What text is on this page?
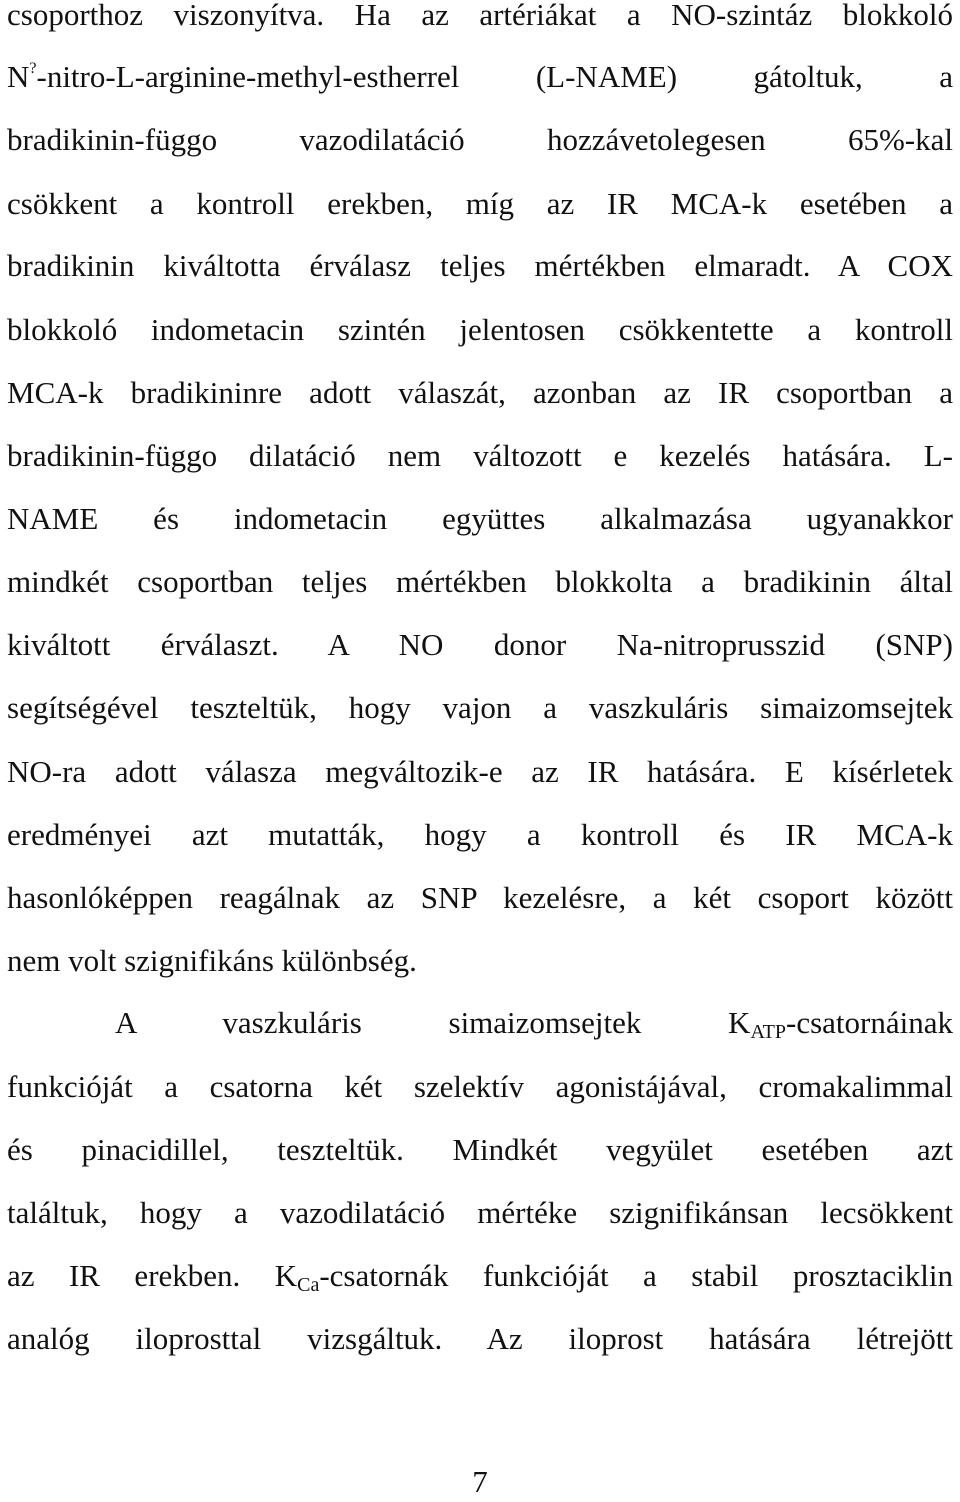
csoporthoz viszonyítva. Ha az artériákat a NO-szintáz blokkoló
N?-nitro-L-arginine-methyl-estherrel (L-NAME) gátoltuk, a
bradikinin-függo vazodilatáció hozzávetolegesen 65%-kal
csökkent a kontroll erekben, míg az IR MCA-k esetében a
bradikinin kiváltotta érválasz teljes mértékben elmaradt. A COX
blokkoló indometacin szintén jelentosen csökkentette a kontroll
MCA-k bradikininre adott válaszát, azonban az IR csoportban a
bradikinin-függo dilatáció nem változott e kezelés hatására. L-
NAME és indometacin együttes alkalmazása ugyanakkor
mindkét csoportban teljes mértékben blokkolta a bradikinin által
kiváltott érválaszt. A NO donor Na-nitroprusszid (SNP)
segítségével teszteltük, hogy vajon a vaszkuláris simaizomsejtek
NO-ra adott válasza megváltozik-e az IR hatására. E kísérletek
eredményei azt mutatták, hogy a kontroll és IR MCA-k
hasonlóképpen reagálnak az SNP kezelésre, a két csoport között
nem volt szignifikáns különbség.
A vaszkuláris simaizomsejtek $K_{ATP}$-csatornáinak
funkcióját a csatorna két szelektív agonistájával, cromakalimmal
és pinacidillel, teszteltük. Mindkét vegyület esetében azt
találtuk, hogy a vazodilatáció mértéke szignifikánsan lecsökkent
az IR erekben. $K_{Ca}$-csatornák funkcióját a stabil prosztaciklin
analóg iloprosttal vizsgáltuk. Az iloprost hatására létrejött
7
